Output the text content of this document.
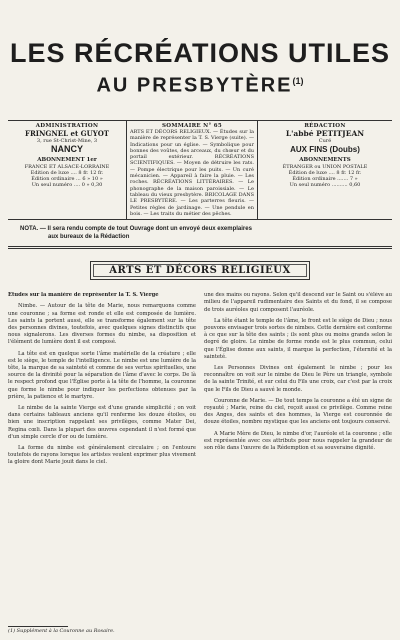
LES RÉCRÉATIONS UTILES
AU PRESBYTÈRE$^{(1)}$
ADMINISTRATION
FRINGNEL et GUYOT
3, rue St-Christ-Mine, 3
NANCY
ABONNEMENT 1er
FRANCE ET ALSACE-LORRAINE
Edition de luxe .... 8 fr. 12 fr.
Édition ordinaire ... 6 » 10 »
Un seul numéro .... 0 » 0,30
SOMMAIRE N° 65
ARTS ET DÉCORS RELIGIEUX. — Études sur la manière de représenter la T. S. Vierge (suite). — Indications pour un église. — Symbolique pour bonnes des voûtes, des arceaux, du chœur et du portail extérieur. RÉCRÉATIONS SCIENTIFIQUES. — Moyen de détruire les rats. — Pompe électrique pour les puits. — Un curé mécanicien. — Appareil à faire la pluie. — Les roches. RÉCRÉATIONS LITTÉRAIRES. — Le phonographe de la maison paroissiale. — Le tableau du vieux presbytère. BRICOLAGE DANS LE PRESBYTÈRE. — Les parterres fleuris. — Petites règles de jardinage. — Une pendule en bois. — Les traits du métier des pêches.
RÉDACTION
L'abbé PETITJEAN
Curé
AUX FINS (Doubs)
ABONNEMENTS
ÉTRANGER ou UNION POSTALE
Édition de luxe .... 8 fr. 12 fr.
Édition ordinaire ....... 7 »
Un seul numéro .......... 0,60
NOTA. — Il sera rendu compte de tout Ouvrage dont un envoyé deux exemplaires
aux bureaux de la Rédaction
ARTS ET DÉCORS RELIGIEUX

Études sur la manière de représenter la T. S. Vierge

Nimbe. — Autour de la tête de Marie, nous remarquons comme une couronne ; sa forme est ronde et elle est composée de lumière. Les saints la portent aussi, elle se transforme également sur la tête des personnes divines, toutefois, avec quelques signes distinctifs que nous signalerons. Les diverses formes du nimbe, sa disposition et l'élément de lumière dont il est composé.

La tête est en quelque sorte l'âme matérielle de la créature ; elle est le siège, le temple de l'intelligence. Le nimbe est une lumière de la tête, la marque de sa sainteté et comme de ses vertus spirituelles, une source de la divinité pour la séparation de l'âme d'avec le corps. De là le respect profond que l'Église porte à la tête de l'homme, la couronne que forme le nimbe pour indiquer les perfections obtenues par la prière, la patience et le martyre.

Le nimbe de la sainte Vierge est d'une grande simplicité ; on voit dans certains tableaux anciens qu'il renferme les douze étoiles, ou bien une inscription rappelant ses privilèges, comme Mater Dei, Regina cœli. Dans la plupart des œuvres cependant il n'est formé que d'un simple cercle d'or ou de lumière.

La forme du nimbe est généralement circulaire ; on l'entoure toutefois de rayons lorsque les artistes veulent exprimer plus vivement la gloire dont Marie jouit dans le ciel.

une des mains ou rayons. Selon qu'il descend sur le Saint ou s'élève au milieu de l'appareil rudimentaire des Saints et du fond, il se compose de trois auréoles qui composent l'auréole.

La tête étant le temple de l'âme, le front est le siège de Dieu ; nous pouvons envisager trois sortes de nimbes. Cette dernière est conforme à ce que sur la tête des saints ; ils sont plus ou moins grands selon le degré de gloire. Le nimbe de forme ronde est le plus commun, celui que l'Église donne aux saints, il marque la perfection, l'éternité et la sainteté.

Les Personnes Divines ont également le nimbe ; pour les reconnaître on voit sur le nimbe de Dieu le Père un triangle, symbole de la sainte Trinité, et sur celui du Fils une croix, car c'est par la croix que le Fils de Dieu a sauvé le monde.

Couronne de Marie. — De tout temps la couronne a été un signe de royauté ; Marie, reine du ciel, reçoit aussi ce privilège. Comme reine des Anges, des saints et des hommes, la Vierge est couronnée de douze étoiles, nombre mystique que les anciens ont toujours conservé.

A Marie Mère de Dieu, le nimbe d'or, l'auréole et la couronne ; elle est représentée avec ces attributs pour nous rappeler la grandeur de son rôle dans l'œuvre de la Rédemption et sa souveraine dignité.

(1) Supplément à la Couronne au Rosaire.
